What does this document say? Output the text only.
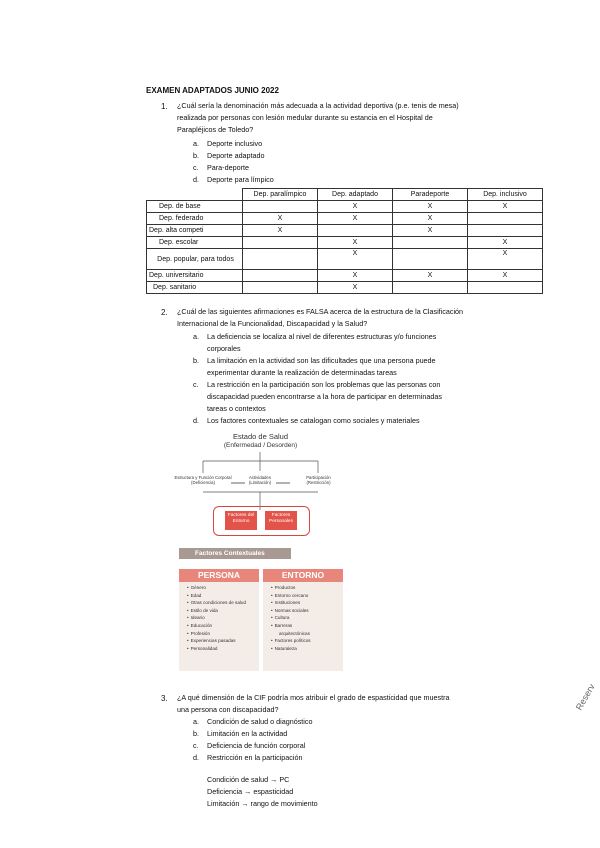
EXAMEN ADAPTADOS JUNIO 2022
1. ¿Cuál sería la denominación más adecuada a la actividad deportiva (p.e. tenis de mesa)
realizada por personas con lesión medular durante su estancia en el Hospital de
Parapléjicos de Toledo?
a. Deporte inclusivo
b. Deporte adaptado
c. Para-deporte
d. Deporte para límpico
	Dep. paralímpico	Dep. adaptado	Paradeporte	Dep. inclusivo
Dep. de base		X	X	X
Dep. federado	X	X	X	
Dep. alta competi	X		X	
Dep. escolar		X		X
Dep. popular, para todos		X		X
Dep. universitario		X	X	X
Dep. sanitario		X		
2. ¿Cuál de las siguientes afirmaciones es FALSA acerca de la estructura de la Clasificación
Internacional de la Funcionalidad, Discapacidad y la Salud?
a.	La deficiencia se localiza al nivel de diferentes estructuras y/o funciones
corporales
b.	La limitación en la actividad son las dificultades que una persona puede
experimentar durante la realización de determinadas tareas
c.	La restricción en la participación son los problemas que las personas con
discapacidad pueden encontrarse a la hora de participar en determinadas
tareas o contextos
d.	Los factores contextuales se catalogan como sociales y materiales
Estado de Salud
(Enfermedad / Desorden)
Estructura y Función Corporal
(Deficiencia)
Actividades
(Limitación)
Participación
(Restricción)
Factores del
Entorno
Factores
Personales
Factores Contextuales
PERSONA
• Género
• Edad
• Otras condiciones de salud
• Estilo de vida
• Ideario
• Educación
• Profesión
• Experiencias pasadas
• Personalidad
ENTORNO
• Productos
• Entorno cercano
• Instituciones
• Normas sociales
• Cultura
• Barreras
arquitectónicas
• Factores políticos
• Naturaleza
3. ¿A qué dimensión de la CIF podría mos atribuir el grado de espasticidad que muestra
una persona con discapacidad?
a. Condición de salud o diagnóstico
b. Limitación en la actividad
c. Deficiencia de función corporal
d. Restricción en la participación
Condición de salud → PC
Deficiencia → espasticidad
Limitación → rango de movimiento
Reserv
